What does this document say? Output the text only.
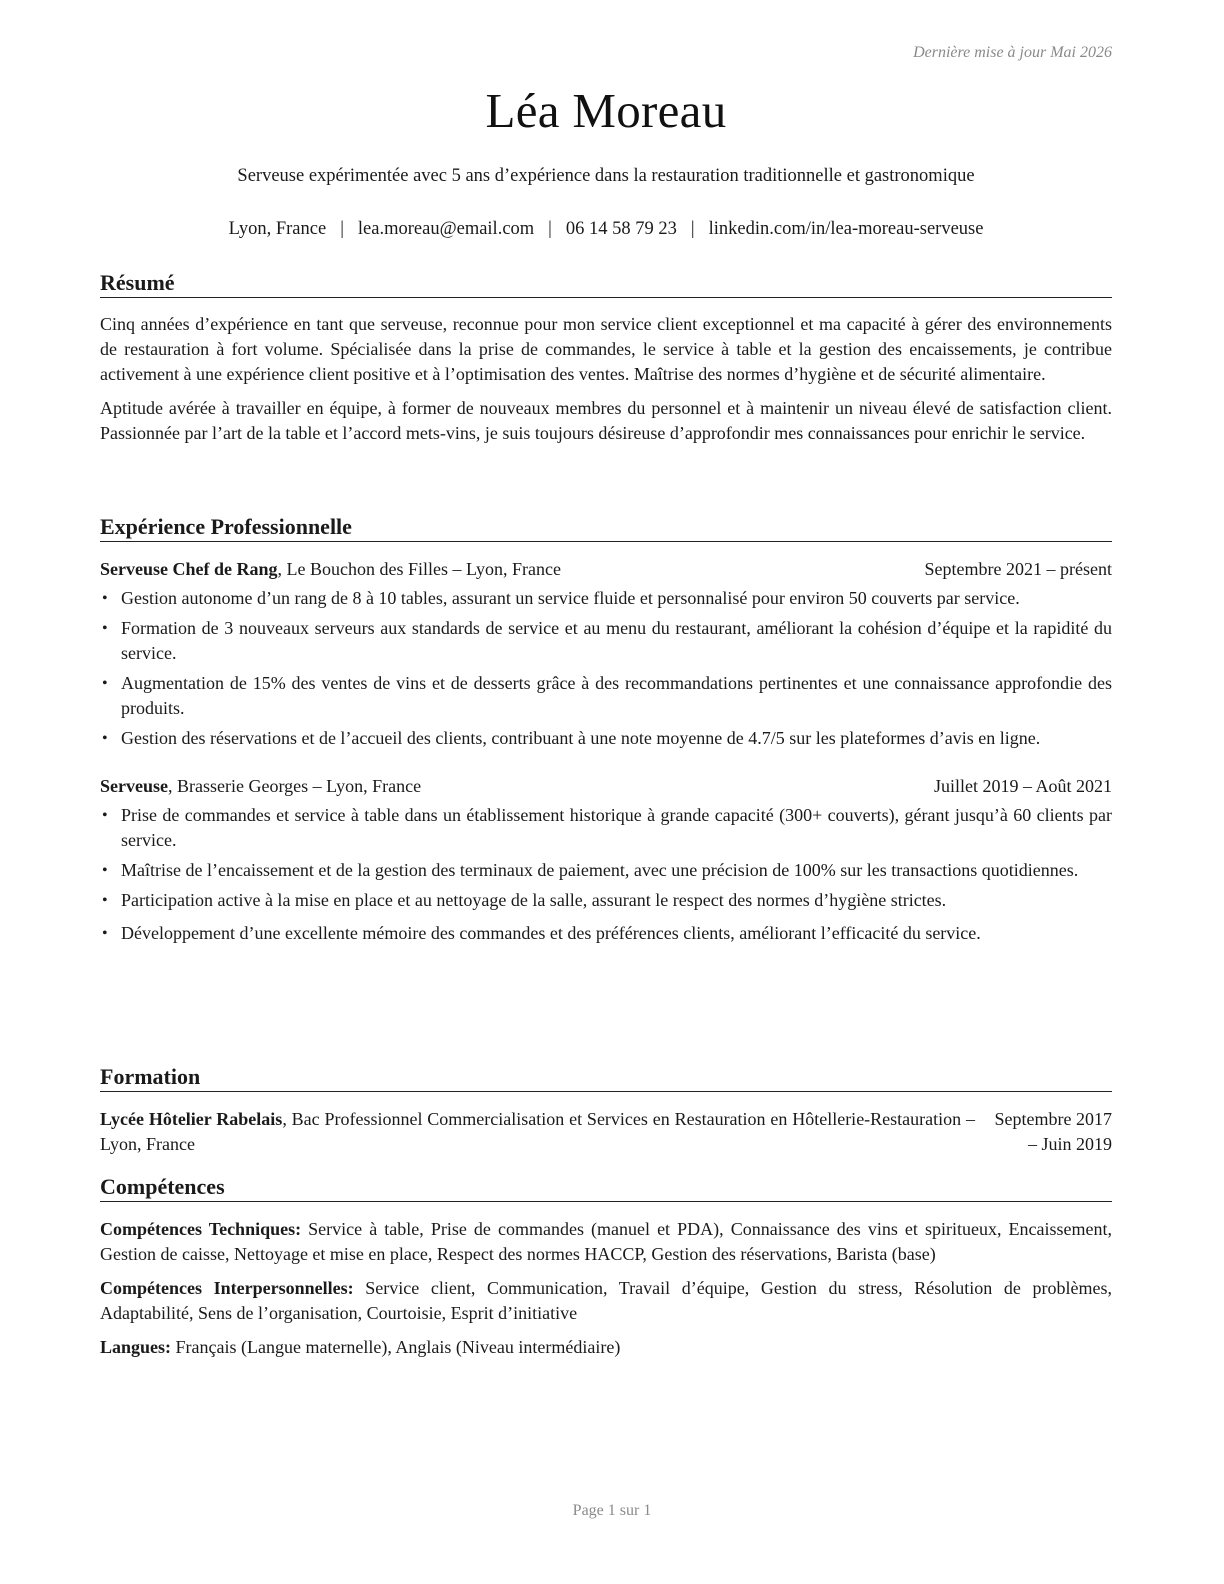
Dernière mise à jour Mai 2026
Léa Moreau
Serveuse expérimentée avec 5 ans d’expérience dans la restauration traditionnelle et gastronomique
Lyon, France | lea.moreau@email.com | 06 14 58 79 23 | linkedin.com/in/lea-moreau-serveuse
Résumé

Cinq années d’expérience en tant que serveuse, reconnue pour mon service client exceptionnel et ma capacité à gérer des environnements de restauration à fort volume. Spécialisée dans la prise de commandes, le service à table et la gestion des encaissements, je contribue activement à une expérience client positive et à l’optimisation des ventes. Maîtrise des normes d’hygiène et de sécurité alimentaire.

Aptitude avérée à travailler en équipe, à former de nouveaux membres du personnel et à maintenir un niveau élevé de satisfaction client. Passionnée par l’art de la table et l’accord mets-vins, je suis toujours désireuse d’approfondir mes connaissances pour enrichir le service.

Expérience Professionnelle
Serveuse Chef de Rang, Le Bouchon des Filles – Lyon, France	Septembre 2021 – présent
• Gestion autonome d’un rang de 8 à 10 tables, assurant un service fluide et personnalisé pour environ 50 couverts par service.
• Formation de 3 nouveaux serveurs aux standards de service et au menu du restaurant, améliorant la cohésion d’équipe et la rapidité du service.
• Augmentation de 15% des ventes de vins et de desserts grâce à des recommandations pertinentes et une connaissance approfondie des produits.
• Gestion des réservations et de l’accueil des clients, contribuant à une note moyenne de 4.7/5 sur les plateformes d’avis en ligne.
Serveuse, Brasserie Georges – Lyon, France	Juillet 2019 – Août 2021
• Prise de commandes et service à table dans un établissement historique à grande capacité (300+ couverts), gérant jusqu’à 60 clients par service.
• Maîtrise de l’encaissement et de la gestion des terminaux de paiement, avec une précision de 100% sur les transactions quotidiennes.
• Participation active à la mise en place et au nettoyage de la salle, assurant le respect des normes d’hygiène strictes.
• Développement d’une excellente mémoire des commandes et des préférences clients, améliorant l’efficacité du service.
Formation
Lycée Hôtelier Rabelais, Bac Professionnel Commercialisation et Services en Restauration en Hôtellerie-Restauration – Lyon, France
Septembre 2017 – Juin 2019
Compétences
Compétences Techniques: Service à table, Prise de commandes (manuel et PDA), Connaissance des vins et spiritueux, Encaissement, Gestion de caisse, Nettoyage et mise en place, Respect des normes HACCP, Gestion des réservations, Barista (base)
Compétences Interpersonnelles: Service client, Communication, Travail d’équipe, Gestion du stress, Résolution de problèmes, Adaptabilité, Sens de l’organisation, Courtoisie, Esprit d’initiative
Langues: Français (Langue maternelle), Anglais (Niveau intermédiaire)
Page 1 sur 1
